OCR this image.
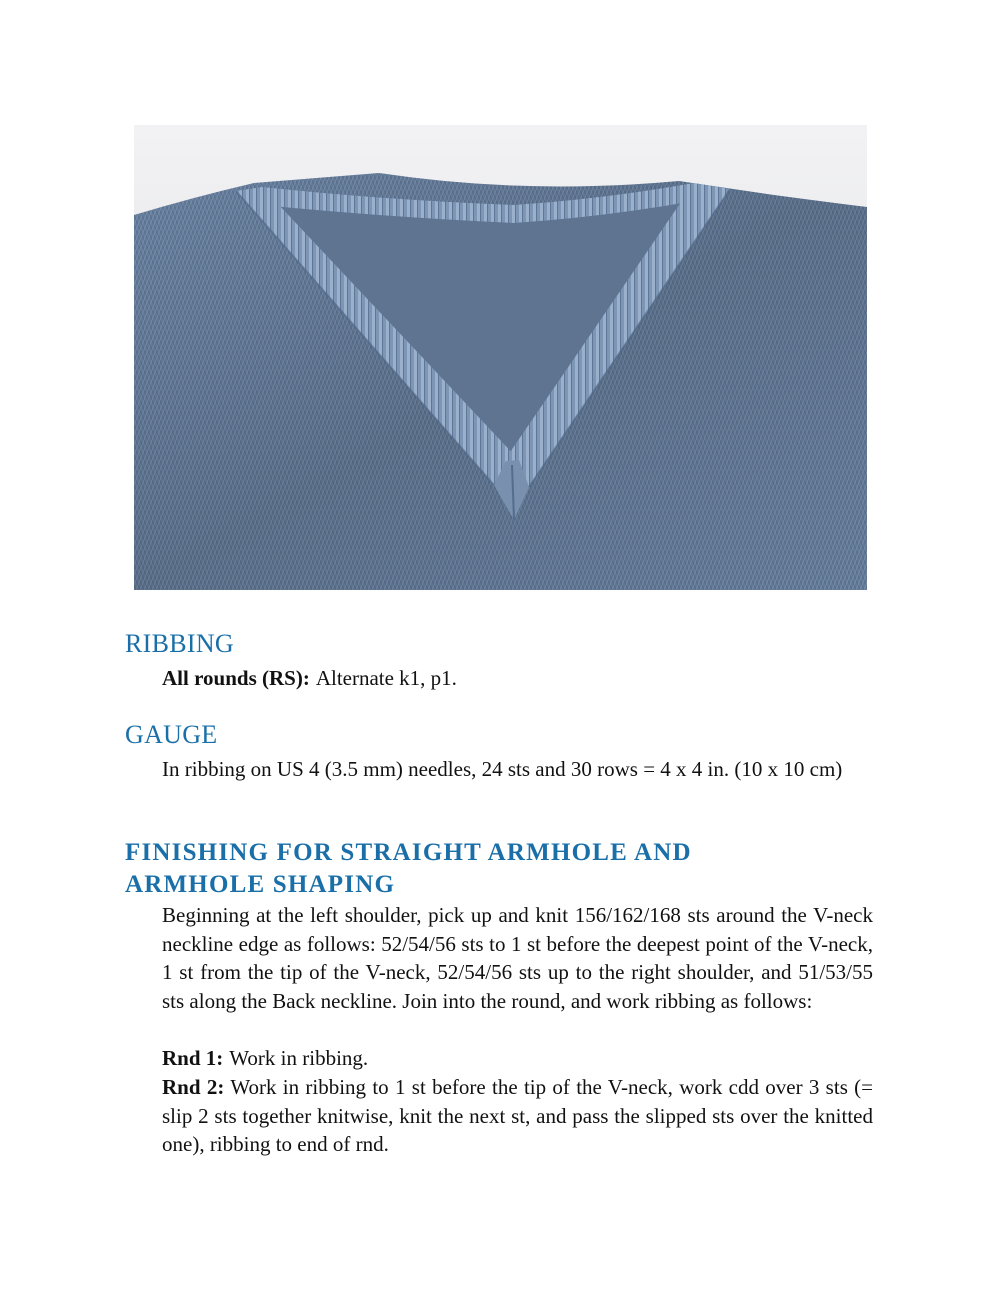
RIBBING

All rounds (RS): Alternate k1, p1.

GAUGE

In ribbing on US 4 (3.5 mm) needles, 24 sts and 30 rows = 4 x 4 in. (10 x 10 cm)

FINISHING FOR STRAIGHT ARMHOLE AND
ARMHOLE SHAPING

Beginning at the left shoulder, pick up and knit 156/162/168 sts around the V-neck neckline edge as follows: 52/54/56 sts to 1 st before the deepest point of the V-neck, 1 st from the tip of the V-neck, 52/54/56 sts up to the right shoulder, and 51/53/55 sts along the Back neckline. Join into the round, and work ribbing as follows:

Rnd 1: Work in ribbing.

Rnd 2: Work in ribbing to 1 st before the tip of the V-neck, work cdd over 3 sts (= slip 2 sts together knitwise, knit the next st, and pass the slipped sts over the knitted one), ribbing to end of rnd.
